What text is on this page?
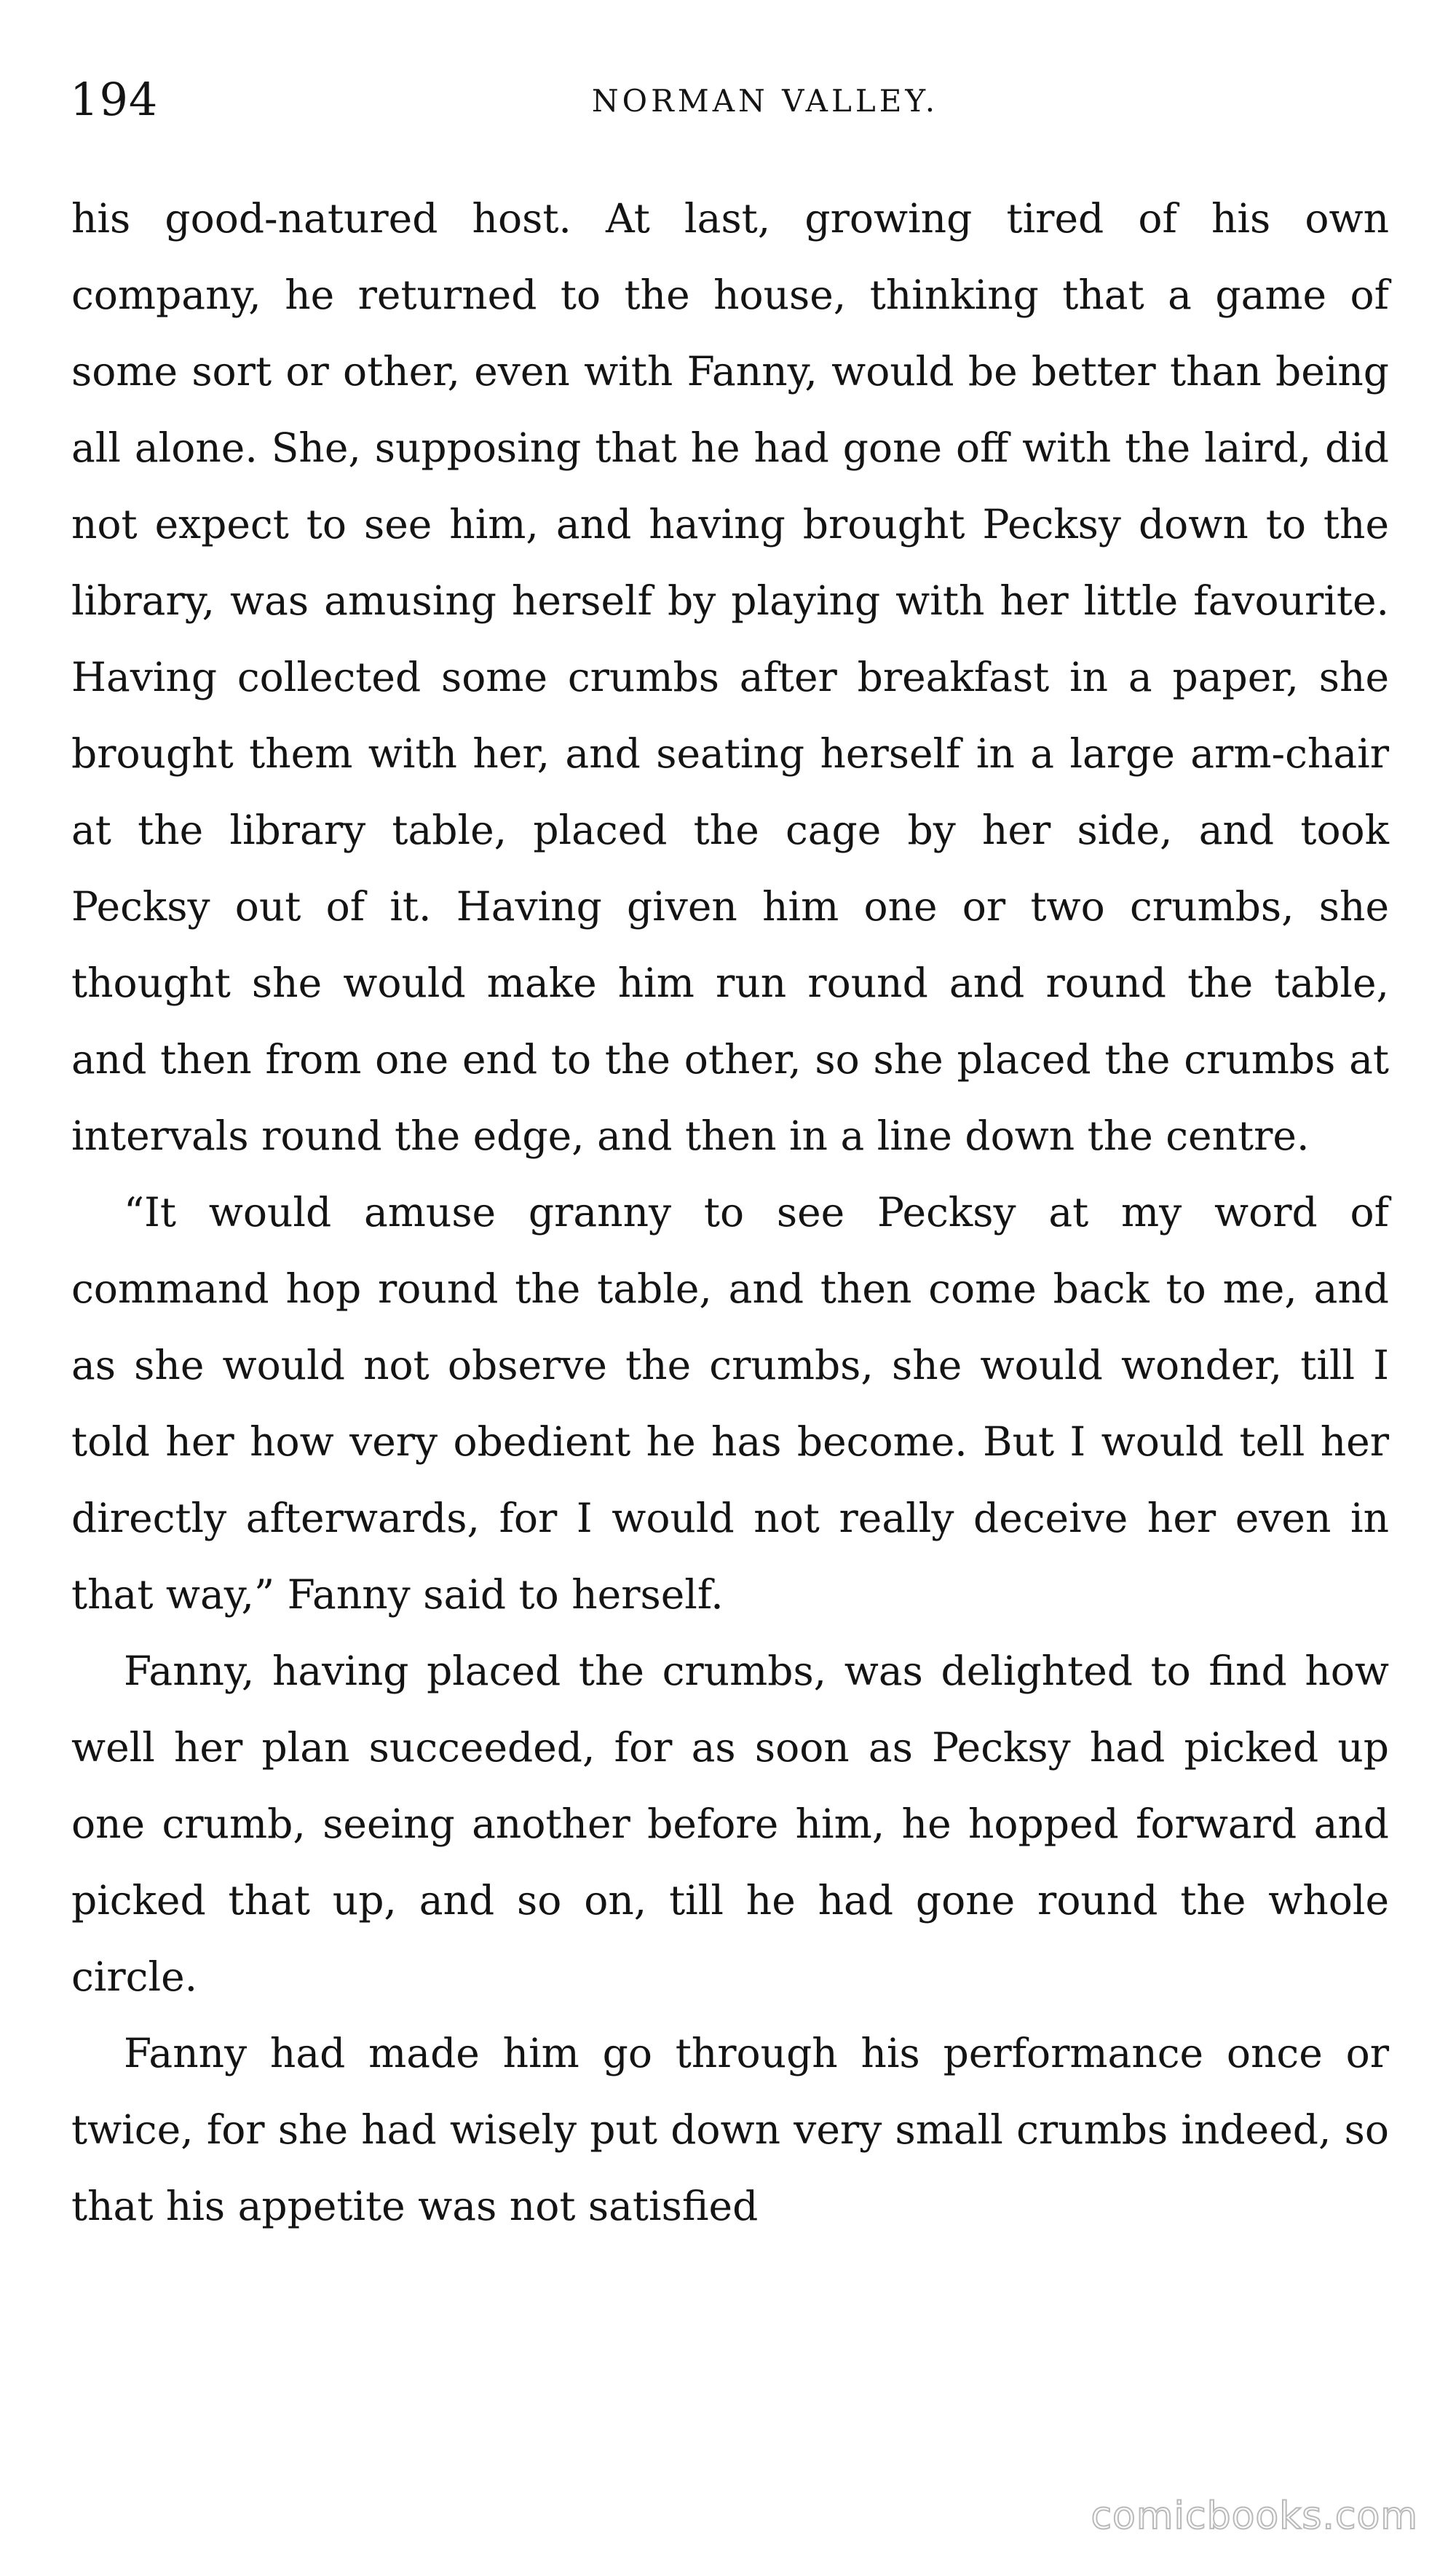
194	NORMAN VALLEY.

his good-natured host. At last, growing tired of his own company, he returned to the house, thinking that a game of some sort or other, even with Fanny, would be better than being all alone. She, supposing that he had gone off with the laird, did not expect to see him, and having brought Pecksy down to the library, was amusing herself by playing with her little favourite. Having collected some crumbs after breakfast in a paper, she brought them with her, and seating herself in a large arm-chair at the library table, placed the cage by her side, and took Pecksy out of it. Having given him one or two crumbs, she thought she would make him run round and round the table, and then from one end to the other, so she placed the crumbs at intervals round the edge, and then in a line down the centre.

“It would amuse granny to see Pecksy at my word of command hop round the table, and then come back to me, and as she would not observe the crumbs, she would wonder, till I told her how very obedient he has become. But I would tell her directly afterwards, for I would not really deceive her even in that way,” Fanny said to herself.

Fanny, having placed the crumbs, was delighted to find how well her plan succeeded, for as soon as Pecksy had picked up one crumb, seeing another before him, he hopped forward and picked that up, and so on, till he had gone round the whole circle.

Fanny had made him go through his performance once or twice, for she had wisely put down very small crumbs indeed, so that his appetite was not satisfied

comicbooks.com
